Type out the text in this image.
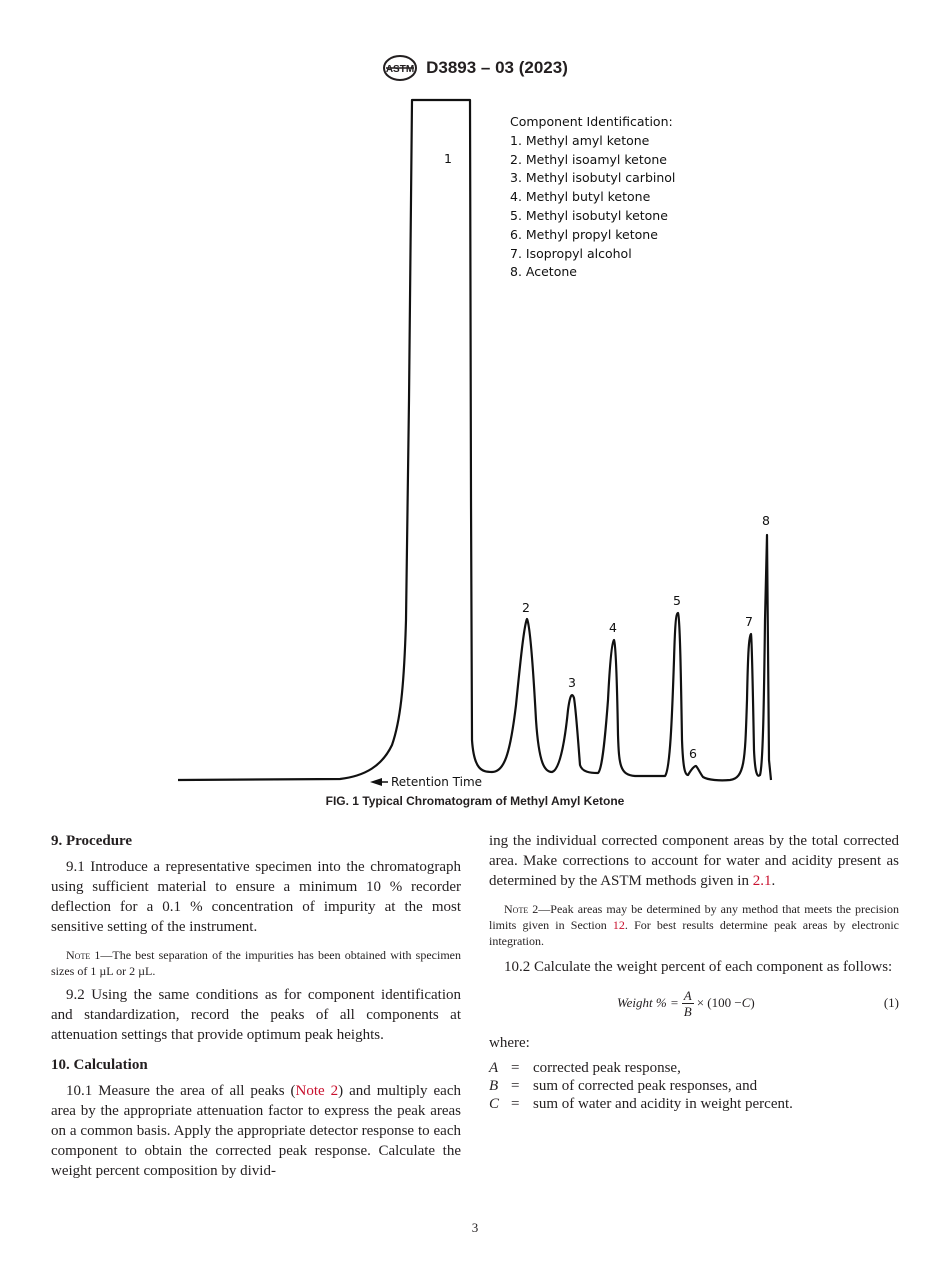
ASTM D3893 – 03 (2023)
1
2
3
4
5
6
7
8
Retention Time
Component Identification:
1. Methyl amyl ketone
2. Methyl isoamyl ketone
3. Methyl isobutyl carbinol
4. Methyl butyl ketone
5. Methyl isobutyl ketone
6. Methyl propyl ketone
7. Isopropyl alcohol
8. Acetone
FIG. 1 Typical Chromatogram of Methyl Amyl Ketone

9. Procedure

9.1 Introduce a representative specimen into the chromatograph using sufficient material to ensure a minimum 10 % recorder deflection for a 0.1 % concentration of impurity at the most sensitive setting of the instrument.

Note 1—The best separation of the impurities has been obtained with specimen sizes of 1 µL or 2 µL.

9.2 Using the same conditions as for component identification and standardization, record the peaks of all components at attenuation settings that provide optimum peak heights.

10. Calculation

10.1 Measure the area of all peaks (Note 2) and multiply each area by the appropriate attenuation factor to express the peak areas on a common basis. Apply the appropriate detector response to each component to obtain the corrected peak response. Calculate the weight percent composition by divid-

ing the individual corrected component areas by the total corrected area. Make corrections to account for water and acidity present as determined by the ASTM methods given in 2.1.

Note 2—Peak areas may be determined by any method that meets the precision limits given in Section 12. For best results determine peak areas by electronic integration.

10.2 Calculate the weight percent of each component as follows:

Weight % = $\frac{A}{B} \times (100 - C$ )	(1)

where:

A = corrected peak response,
B = sum of corrected peak responses, and
C = sum of water and acidity in weight percent.
3
